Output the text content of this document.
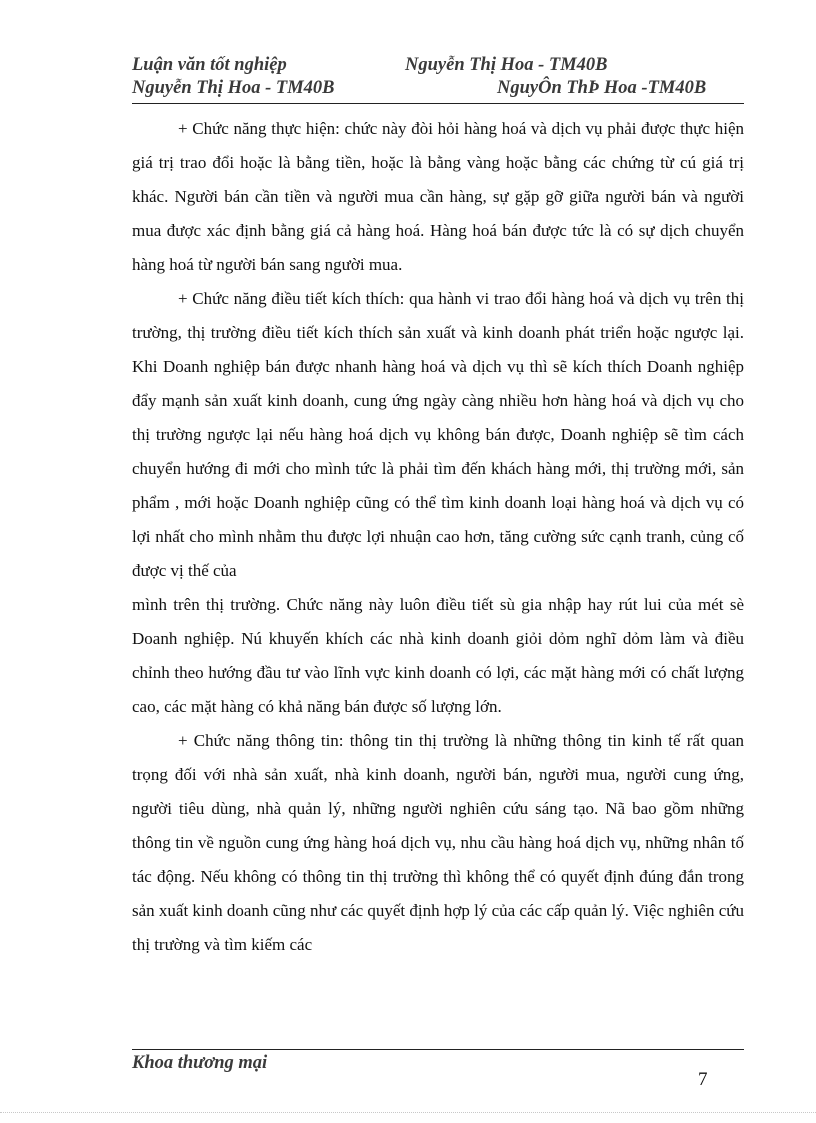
Luận văn tốt nghiệp	Nguyễn Thị Hoa - TM40B
Nguyễn Thị Hoa - TM40B	NguyÔn ThÞ Hoa -TM40B

+ Chức năng thực hiện: chức này đòi hỏi hàng hoá và dịch vụ phải được thực hiện giá trị trao đổi hoặc là bằng tiền, hoặc là bằng vàng hoặc bằng các chứng từ cú giá trị khác. Người bán cần tiền và người mua cần hàng, sự gặp gỡ giữa người bán và người mua được xác định bằng giá cả hàng hoá. Hàng hoá bán được tức là có sự dịch chuyển hàng hoá từ người bán sang người mua.

+ Chức năng điều tiết kích thích: qua hành vi trao đổi hàng hoá và dịch vụ trên thị trường, thị trường điều tiết kích thích sản xuất và kinh doanh phát triển hoặc ngược lại. Khi Doanh nghiệp bán được nhanh hàng hoá và dịch vụ thì sẽ kích thích Doanh nghiệp đẩy mạnh sản xuất kinh doanh, cung ứng ngày càng nhiều hơn hàng hoá và dịch vụ cho thị trường ngược lại nếu hàng hoá dịch vụ không bán được, Doanh nghiệp sẽ tìm cách chuyển hướng đi mới cho mình tức là phải tìm đến khách hàng mới, thị trường mới, sản phẩm , mới hoặc Doanh nghiệp cũng có thể tìm kinh doanh loại hàng hoá và dịch vụ có lợi nhất cho mình nhằm thu được lợi nhuận cao hơn, tăng cường sức cạnh tranh, củng cố được vị thế của

mình trên thị trường. Chức năng này luôn điều tiết sù gia nhập hay rút lui của mét sè Doanh nghiệp. Nú khuyến khích các nhà kinh doanh giỏi dỏm nghĩ dỏm làm và điều chỉnh theo hướng đầu tư vào lĩnh vực kinh doanh có lợi, các mặt hàng mới có chất lượng cao, các mặt hàng có khả năng bán được số lượng lớn.

+ Chức năng thông tin: thông tin thị trường là những thông tin kinh tế rất quan trọng đối với nhà sản xuất, nhà kinh doanh, người bán, người mua, người cung ứng, người tiêu dùng, nhà quản lý, những người nghiên cứu sáng tạo. Nã bao gồm những thông tin về nguồn cung ứng hàng hoá dịch vụ, nhu cầu hàng hoá dịch vụ, những nhân tố tác động. Nếu không có thông tin thị trường thì không thể có quyết định đúng đắn trong sản xuất kinh doanh cũng như các quyết định hợp lý của các cấp quản lý. Việc nghiên cứu thị trường và tìm kiếm các

Khoa thương mại
7
